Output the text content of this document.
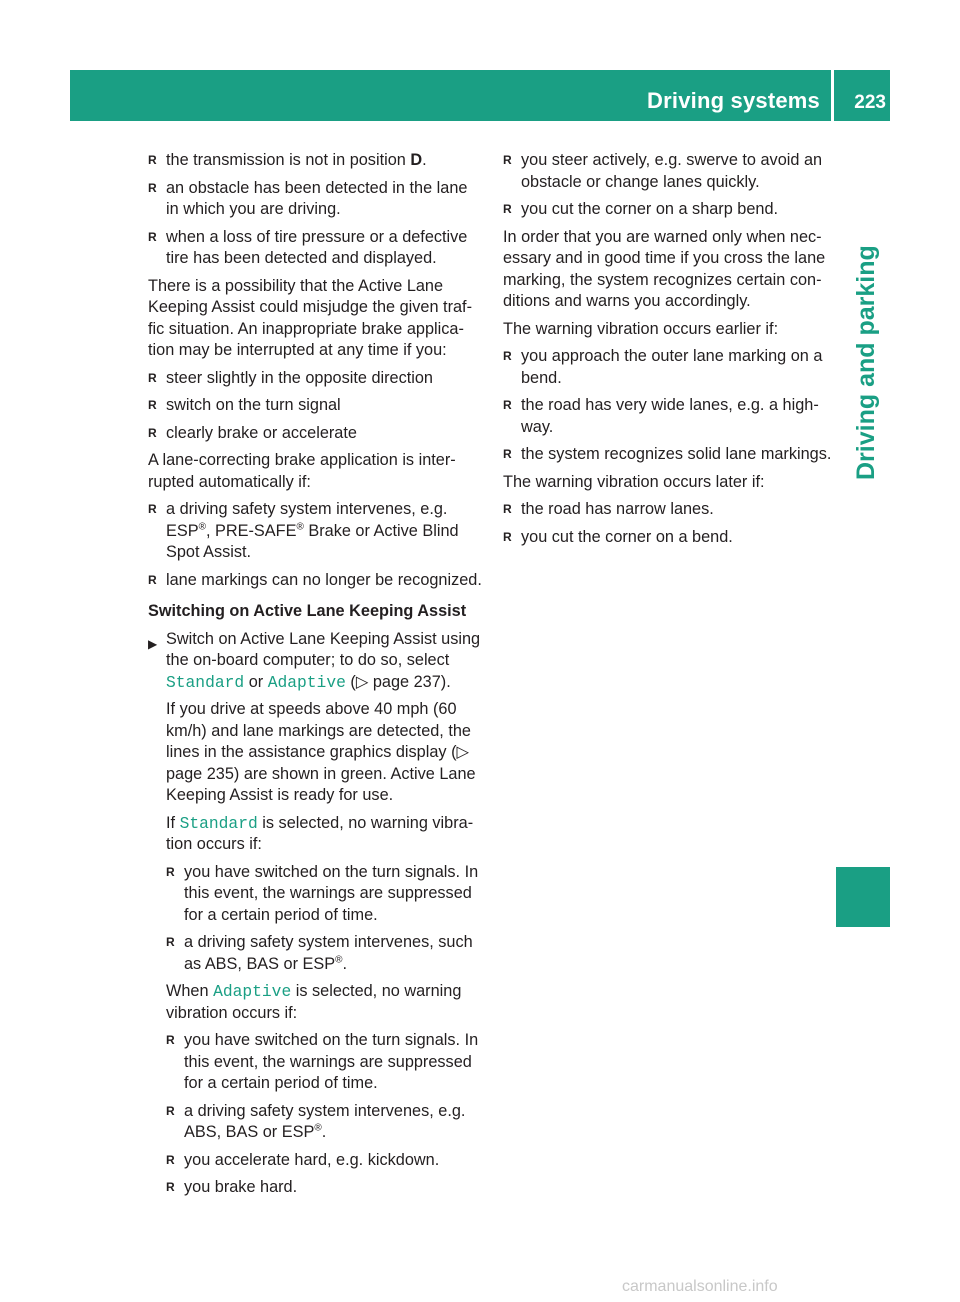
Driving systems 223
Driving and parking
R the transmission is not in position D.
R an obstacle has been detected in the lane in which you are driving.
R when a loss of tire pressure or a defective tire has been detected and displayed.

There is a possibility that the Active Lane Keeping Assist could misjudge the given traf-fic situation. An inappropriate brake applica-tion may be interrupted at any time if you:

R steer slightly in the opposite direction
R switch on the turn signal
R clearly brake or accelerate

A lane-correcting brake application is inter-rupted automatically if:

R a driving safety system intervenes, e.g. ESP®, PRE-SAFE® Brake or Active Blind Spot Assist.
R lane markings can no longer be recognized.
Switching on Active Lane Keeping Assist
▶ Switch on Active Lane Keeping Assist using the on-board computer; to do so, select Standard or Adaptive (▷ page 237).

If you drive at speeds above 40 mph (60 km/h) and lane markings are detected, the lines in the assistance graphics display (▷ page 235) are shown in green. Active Lane Keeping Assist is ready for use.

If Standard is selected, no warning vibra-tion occurs if:

R you have switched on the turn signals. In this event, the warnings are suppressed for a certain period of time.
R a driving safety system intervenes, such as ABS, BAS or ESP®.

When Adaptive is selected, no warning vibration occurs if:

R you have switched on the turn signals. In this event, the warnings are suppressed for a certain period of time.
R a driving safety system intervenes, e.g. ABS, BAS or ESP®.
R you accelerate hard, e.g. kickdown.
R you brake hard.
R you steer actively, e.g. swerve to avoid an obstacle or change lanes quickly.
R you cut the corner on a sharp bend.

In order that you are warned only when nec-essary and in good time if you cross the lane marking, the system recognizes certain con-ditions and warns you accordingly.

The warning vibration occurs earlier if:

R you approach the outer lane marking on a bend.
R the road has very wide lanes, e.g. a high-way.
R the system recognizes solid lane markings.

The warning vibration occurs later if:

R the road has narrow lanes.
R you cut the corner on a bend.
carmanualsonline.info
